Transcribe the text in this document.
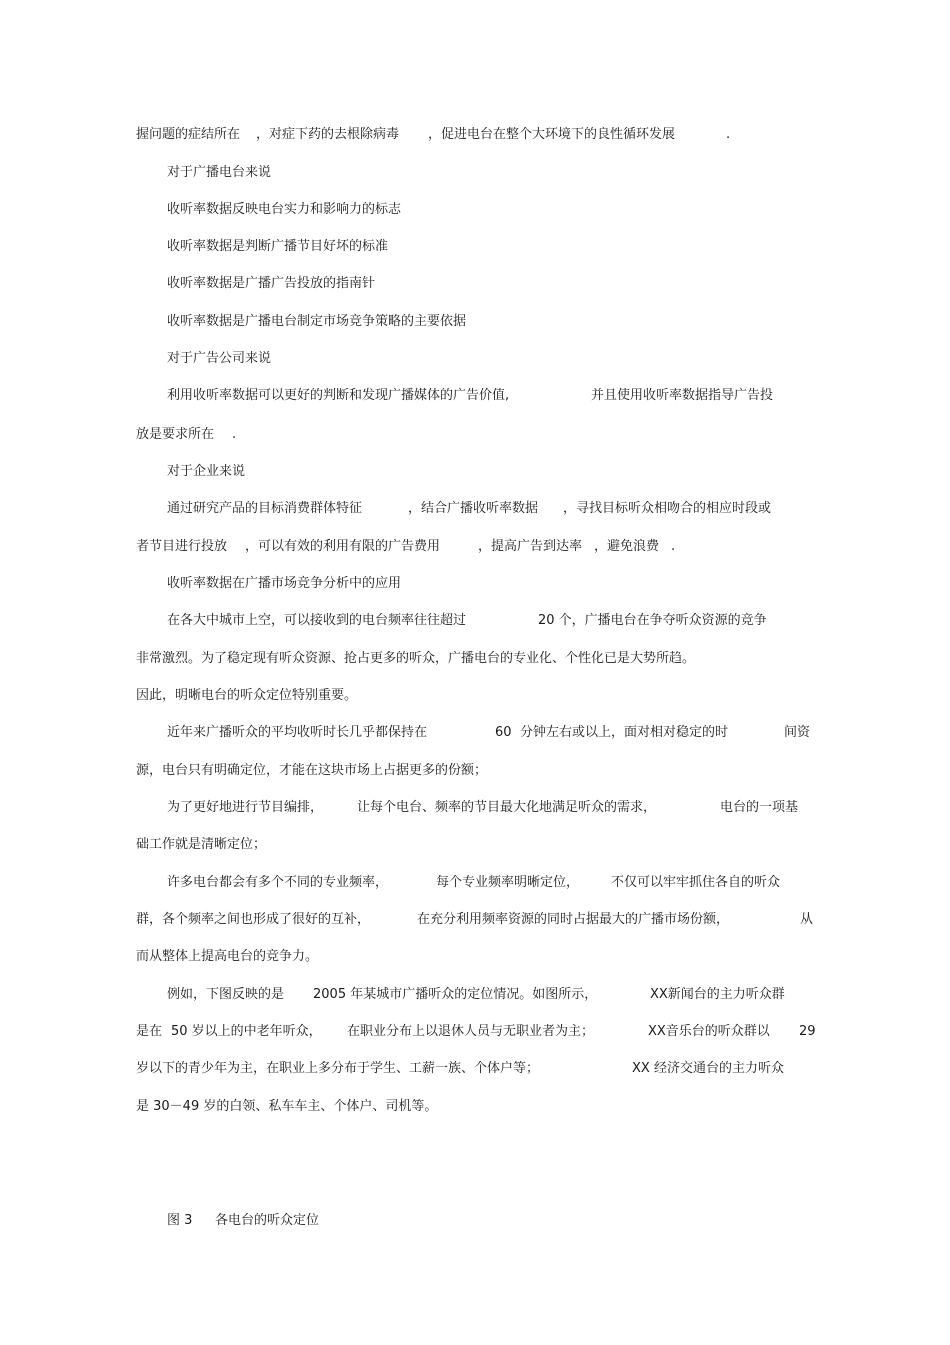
握问题的症结所在 ，对症下药的去根除病毒 ，促进电台在整个大环境下的良性循环发展	.
对于广播电台来说
收听率数据反映电台实力和影响力的标志
收听率数据是判断广播节目好坏的标准
收听率数据是广播广告投放的指南针
收听率数据是广播电台制定市场竞争策略的主要依据
对于广告公司来说
利用收听率数据可以更好的判断和发现广播媒体的广告价值,	并且使用收听率数据指导广告投
放是要求所在 .
对于企业来说
通过研究产品的目标消费群体特征	，结合广播收听率数据 ，寻找目标听众相吻合的相应时段或
者节目进行投放 ，可以有效的利用有限的广告费用	，提高广告到达率 ，避免浪费 .
收听率数据在广播市场竞争分析中的应用
在各大中城市上空，可以接收到的电台频率往往超过	20 个，广播电台在争夺听众资源的竞争
非常激烈。为了稳定现有听众资源、抢占更多的听众，广播电台的专业化、个性化已是大势所趋。
因此，明晰电台的听众定位特别重要。
近年来广播听众的平均收听时长几乎都保持在	60 分钟左右或以上，面对相对稳定的时	间资
源，电台只有明确定位，才能在这块市场上占据更多的份额；
为了更好地进行节目编排，	让每个电台、频率的节目最大化地满足听众的需求，	电台的一项基
础工作就是清晰定位；
许多电台都会有多个不同的专业频率，	每个专业频率明晰定位， 不仅可以牢牢抓住各自的听众
群，各个频率之间也形成了很好的互补，	在充分利用频率资源的同时占据最大的广播市场份额，	从
而从整体上提高电台的竞争力。
例如，下图反映的是 2005 年某城市广播听众的定位情况。如图所示，	XX新闻台的主力听众群
是在 50 岁以上的中老年听众， 在职业分布上以退休人员与无职业者为主；	XX音乐台的听众群以 29
岁以下的青少年为主，在职业上多分布于学生、工薪一族、个体户等；	XX 经济交通台的主力听众
是 30－49 岁的白领、私车车主、个体户、司机等。
图 3 各电台的听众定位
